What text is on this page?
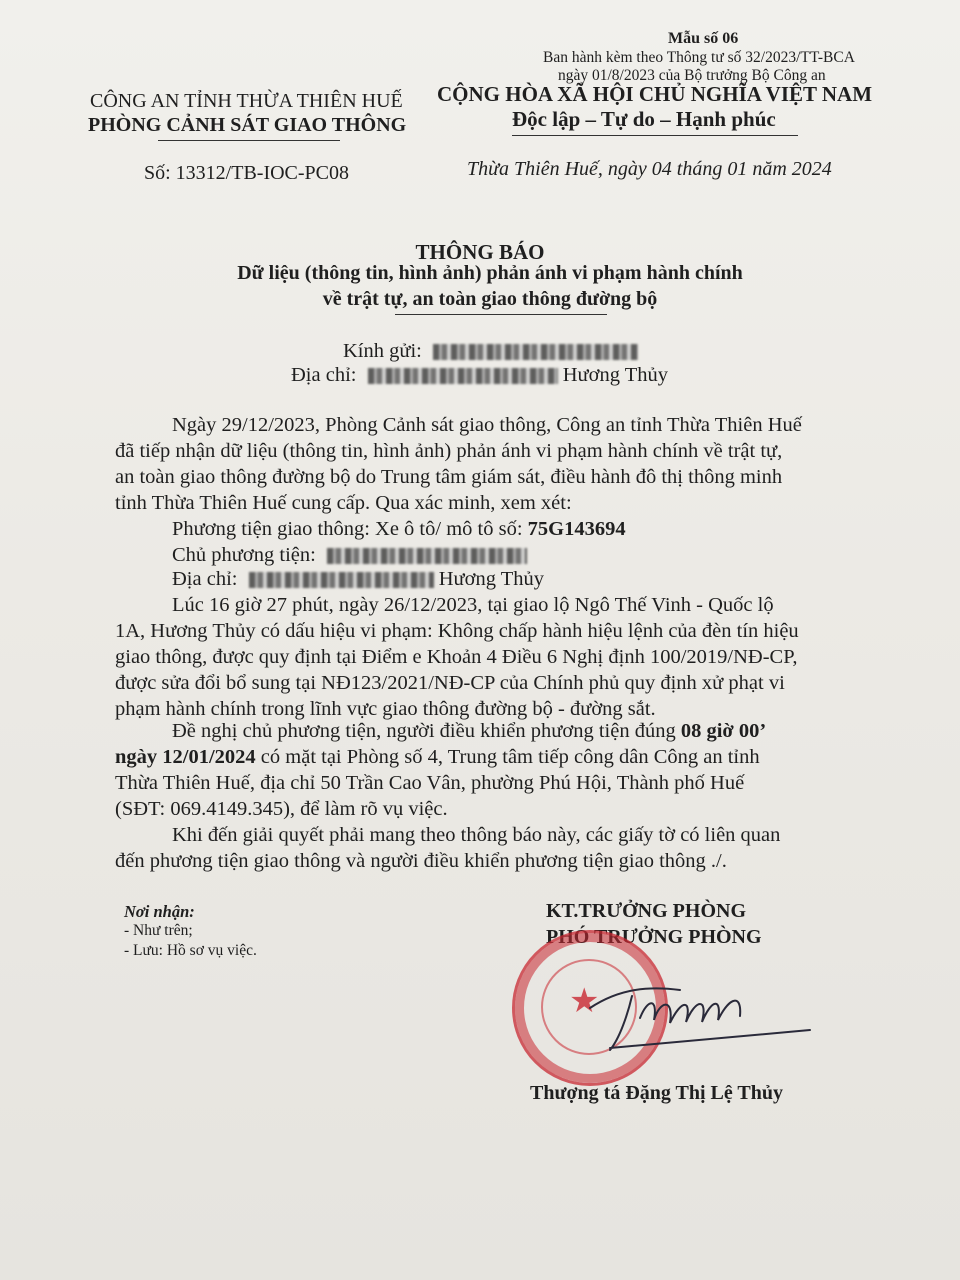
Mẫu số 06
Ban hành kèm theo Thông tư số 32/2023/TT-BCA
ngày 01/8/2023 của Bộ trưởng Bộ Công an
CÔNG AN TỈNH THỪA THIÊN HUẾ
PHÒNG CẢNH SÁT GIAO THÔNG
CỘNG HÒA XÃ HỘI CHỦ NGHĨA VIỆT NAM
Độc lập – Tự do – Hạnh phúc
Số: 13312/TB-IOC-PC08	Thừa Thiên Huế, ngày 04 tháng 01 năm 2024
THÔNG BÁO
Dữ liệu (thông tin, hình ảnh) phản ánh vi phạm hành chính
về trật tự, an toàn giao thông đường bộ
Kính gửi:
Địa chỉ:	Hương Thủy
Ngày 29/12/2023, Phòng Cảnh sát giao thông, Công an tỉnh Thừa Thiên Huế
đã tiếp nhận dữ liệu (thông tin, hình ảnh) phản ánh vi phạm hành chính về trật tự,
an toàn giao thông đường bộ do Trung tâm giám sát, điều hành đô thị thông minh
tỉnh Thừa Thiên Huế cung cấp. Qua xác minh, xem xét:
Phương tiện giao thông: Xe ô tô/ mô tô số: 75G143694
Chủ phương tiện:
Địa chỉ:	Hương Thủy
Lúc 16 giờ 27 phút, ngày 26/12/2023, tại giao lộ Ngô Thế Vinh - Quốc lộ
1A, Hương Thủy có dấu hiệu vi phạm: Không chấp hành hiệu lệnh của đèn tín hiệu
giao thông, được quy định tại Điểm e Khoản 4 Điều 6 Nghị định 100/2019/NĐ-CP,
được sửa đổi bổ sung tại NĐ123/2021/NĐ-CP của Chính phủ quy định xử phạt vi
phạm hành chính trong lĩnh vực giao thông đường bộ - đường sắt.
Đề nghị chủ phương tiện, người điều khiển phương tiện đúng 08 giờ 00’
ngày 12/01/2024 có mặt tại Phòng số 4, Trung tâm tiếp công dân Công an tỉnh
Thừa Thiên Huế, địa chỉ 50 Trần Cao Vân, phường Phú Hội, Thành phố Huế
(SĐT: 069.4149.345), để làm rõ vụ việc.
Khi đến giải quyết phải mang theo thông báo này, các giấy tờ có liên quan
đến phương tiện giao thông và người điều khiển phương tiện giao thông ./.
Nơi nhận:
- Như trên;
- Lưu: Hồ sơ vụ việc.
KT.TRƯỞNG PHÒNG
PHÓ TRƯỞNG PHÒNG
★
Thượng tá Đặng Thị Lệ Thủy
